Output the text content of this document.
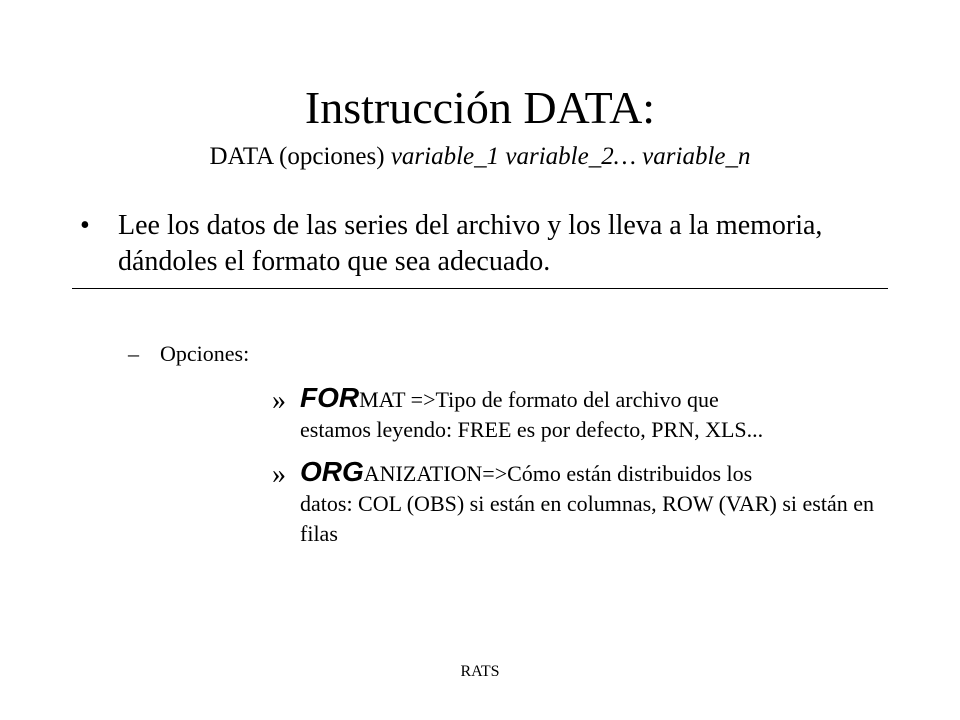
Instrucción DATA:
DATA (opciones) variable_1 variable_2… variable_n
• Lee los datos de las series del archivo y los lleva a la memoria, dándoles el formato que sea adecuado.
– Opciones:
» FORMAT =>Tipo de formato del archivo que
estamos leyendo: FREE es por defecto, PRN, XLS...
» ORGANIZATION=>Cómo están distribuidos los
datos: COL (OBS) si están en columnas, ROW (VAR) si están en filas
RATS
